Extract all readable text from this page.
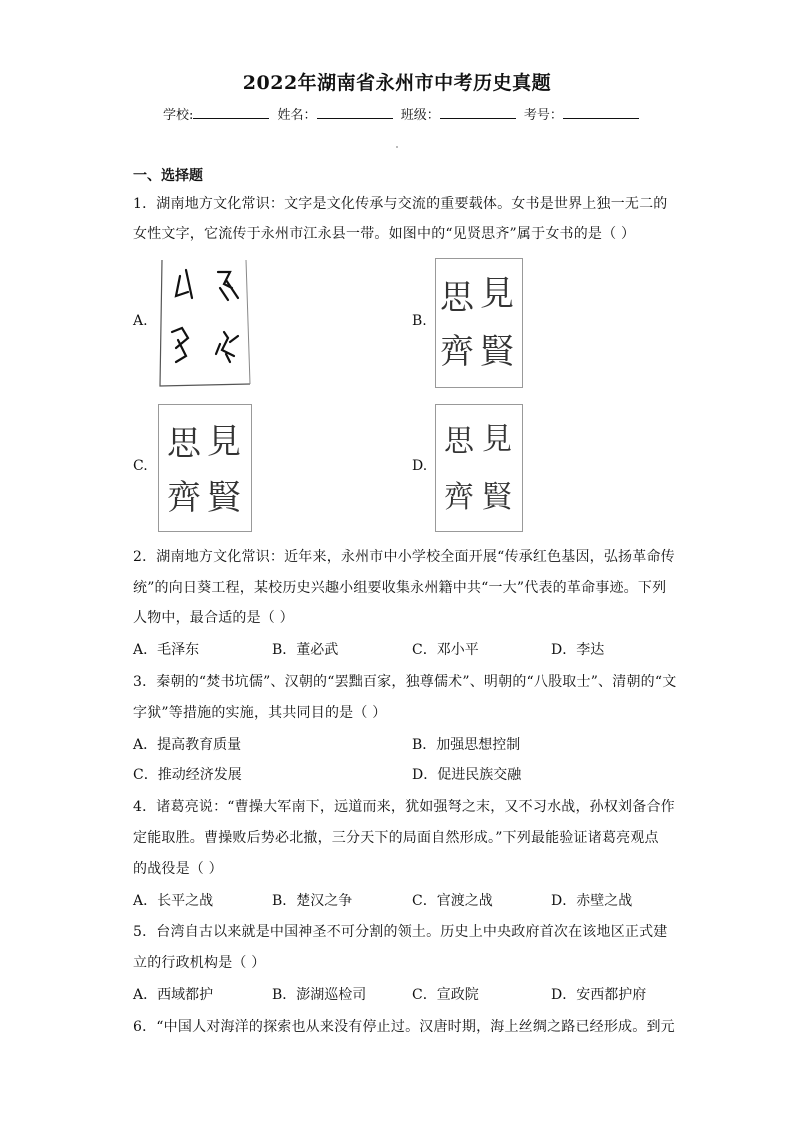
2022年湖南省永州市中考历史真题
学校:	姓名：	班级：	考号：
一、选择题
1．湖南地方文化常识：文字是文化传承与交流的重要载体。女书是世界上独一无二的
女性文字，它流传于永州市江永县一带。如图中的“见贤思齐”属于女书的是（ ）
A.	B.
思 見
齊 賢
C.
思 見
齊 賢
D.
思 見
齊 賢
2．湖南地方文化常识：近年来，永州市中小学校全面开展“传承红色基因，弘扬革命传
统”的向日葵工程，某校历史兴趣小组要收集永州籍中共“一大”代表的革命事迹。下列
人物中，最合适的是（ ）
A．毛泽东	B．董必武	C．邓小平	D．李达
3．秦朝的“焚书坑儒”、汉朝的“罢黜百家，独尊儒术”、明朝的“八股取士”、清朝的“文
字狱”等措施的实施，其共同目的是（ ）
A．提高教育质量	B．加强思想控制
C．推动经济发展	D．促进民族交融
4．诸葛亮说：“曹操大军南下，远道而来，犹如强弩之末，又不习水战，孙权刘备合作
定能取胜。曹操败后势必北撤，三分天下的局面自然形成。”下列最能验证诸葛亮观点
的战役是（ ）
A．长平之战	B．楚汉之争	C．官渡之战	D．赤壁之战
5．台湾自古以来就是中国神圣不可分割的领土。历史上中央政府首次在该地区正式建
立的行政机构是（ ）
A．西域都护	B．澎湖巡检司	C．宣政院	D．安西都护府
6．“中国人对海洋的探索也从来没有停止过。汉唐时期，海上丝绸之路已经形成。到元
